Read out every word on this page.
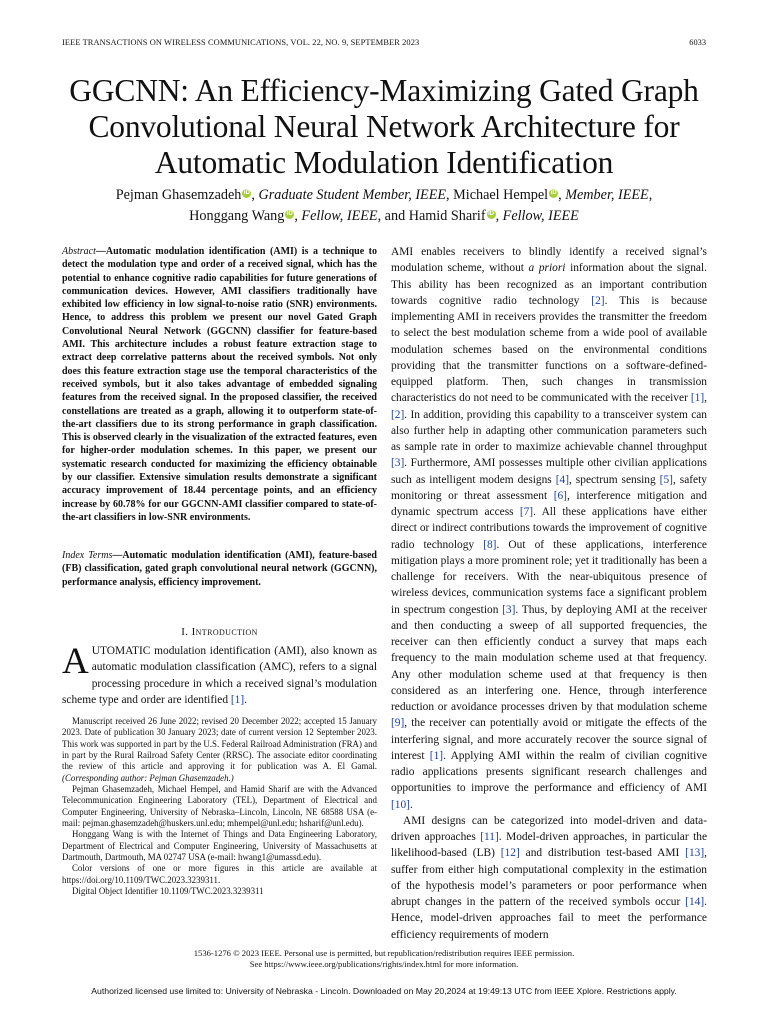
IEEE TRANSACTIONS ON WIRELESS COMMUNICATIONS, VOL. 22, NO. 9, SEPTEMBER 2023	6033
GGCNN: An Efficiency-Maximizing Gated Graph
Convolutional Neural Network Architecture for
Automatic Modulation Identification
Pejman Ghasemzadeh iD , Graduate Student Member, IEEE, Michael Hempel iD , Member, IEEE,
Honggang Wang iD , Fellow, IEEE, and Hamid Sharif iD , Fellow, IEEE
Abstract—Automatic modulation identification (AMI) is a technique to detect the modulation type and order of a received signal, which has the potential to enhance cognitive radio capabilities for future generations of communication devices. However, AMI classifiers traditionally have exhibited low efficiency in low signal-to-noise ratio (SNR) environments. Hence, to address this problem we present our novel Gated Graph Convolutional Neural Network (GGCNN) classifier for feature-based AMI. This architecture includes a robust feature extraction stage to extract deep correlative patterns about the received symbols. Not only does this feature extraction stage use the temporal characteristics of the received symbols, but it also takes advantage of embedded signaling features from the received signal. In the proposed classifier, the received constellations are treated as a graph, allowing it to outperform state-of-the-art classifiers due to its strong performance in graph classification. This is observed clearly in the visualization of the extracted features, even for higher-order modulation schemes. In this paper, we present our systematic research conducted for maximizing the efficiency obtainable by our classifier. Extensive simulation results demonstrate a significant accuracy improvement of 18.44 percentage points, and an efficiency increase by 60.78% for our GGCNN-AMI classifier compared to state-of-the-art classifiers in low-SNR environments.
Index Terms—Automatic modulation identification (AMI), feature-based (FB) classification, gated graph convolutional neural network (GGCNN), performance analysis, efficiency improvement.
I. Introduction
AUTOMATIC modulation identification (AMI), also known as automatic modulation classification (AMC), refers to a signal processing procedure in which a received signal’s modulation scheme type and order are identified [1].

Manuscript received 26 June 2022; revised 20 December 2022; accepted 15 January 2023. Date of publication 30 January 2023; date of current version 12 September 2023. This work was supported in part by the U.S. Federal Railroad Administration (FRA) and in part by the Rural Railroad Safety Center (RRSC). The associate editor coordinating the review of this article and approving it for publication was A. El Gamal. (Corresponding author: Pejman Ghasemzadeh.)

Pejman Ghasemzadeh, Michael Hempel, and Hamid Sharif are with the Advanced Telecommunication Engineering Laboratory (TEL), Department of Electrical and Computer Engineering, University of Nebraska–Lincoln, Lincoln, NE 68588 USA (e-mail: pejman.ghasemzadeh@huskers.unl.edu; mhempel@unl.edu; hsharif@unl.edu).

Honggang Wang is with the Internet of Things and Data Engineering Laboratory, Department of Electrical and Computer Engineering, University of Massachusetts at Dartmouth, Dartmouth, MA 02747 USA (e-mail: hwang1@umassd.edu).

Color versions of one or more figures in this article are available at https://doi.org/10.1109/TWC.2023.3239311.

Digital Object Identifier 10.1109/TWC.2023.3239311

AMI enables receivers to blindly identify a received signal’s modulation scheme, without a priori information about the signal. This ability has been recognized as an important contribution towards cognitive radio technology [2]. This is because implementing AMI in receivers provides the transmitter the freedom to select the best modulation scheme from a wide pool of available modulation schemes based on the environmental conditions providing that the transmitter functions on a software-defined-equipped platform. Then, such changes in transmission characteristics do not need to be communicated with the receiver [1], [2]. In addition, providing this capability to a transceiver system can also further help in adapting other communication parameters such as sample rate in order to maximize achievable channel throughput [3]. Furthermore, AMI possesses multiple other civilian applications such as intelligent modem designs [4], spectrum sensing [5], safety monitoring or threat assessment [6], interference mitigation and dynamic spectrum access [7]. All these applications have either direct or indirect contributions towards the improvement of cognitive radio technology [8]. Out of these applications, interference mitigation plays a more prominent role; yet it traditionally has been a challenge for receivers. With the near-ubiquitous presence of wireless devices, communication systems face a significant problem in spectrum congestion [3]. Thus, by deploying AMI at the receiver and then conducting a sweep of all supported frequencies, the receiver can then efficiently conduct a survey that maps each frequency to the main modulation scheme used at that frequency. Any other modulation scheme used at that frequency is then considered as an interfering one. Hence, through interference reduction or avoidance processes driven by that modulation scheme [9], the receiver can potentially avoid or mitigate the effects of the interfering signal, and more accurately recover the source signal of interest [1]. Applying AMI within the realm of civilian cognitive radio applications presents significant research challenges and opportunities to improve the performance and efficiency of AMI [10].

AMI designs can be categorized into model-driven and data-driven approaches [11]. Model-driven approaches, in particular the likelihood-based (LB) [12] and distribution test-based AMI [13], suffer from either high computational complexity in the estimation of the hypothesis model’s parameters or poor performance when abrupt changes in the pattern of the received symbols occur [14]. Hence, model-driven approaches fail to meet the performance efficiency requirements of modern

1536-1276 © 2023 IEEE. Personal use is permitted, but republication/redistribution requires IEEE permission.
See https://www.ieee.org/publications/rights/index.html for more information.
Authorized licensed use limited to: University of Nebraska - Lincoln. Downloaded on May 20,2024 at 19:49:13 UTC from IEEE Xplore. Restrictions apply.
